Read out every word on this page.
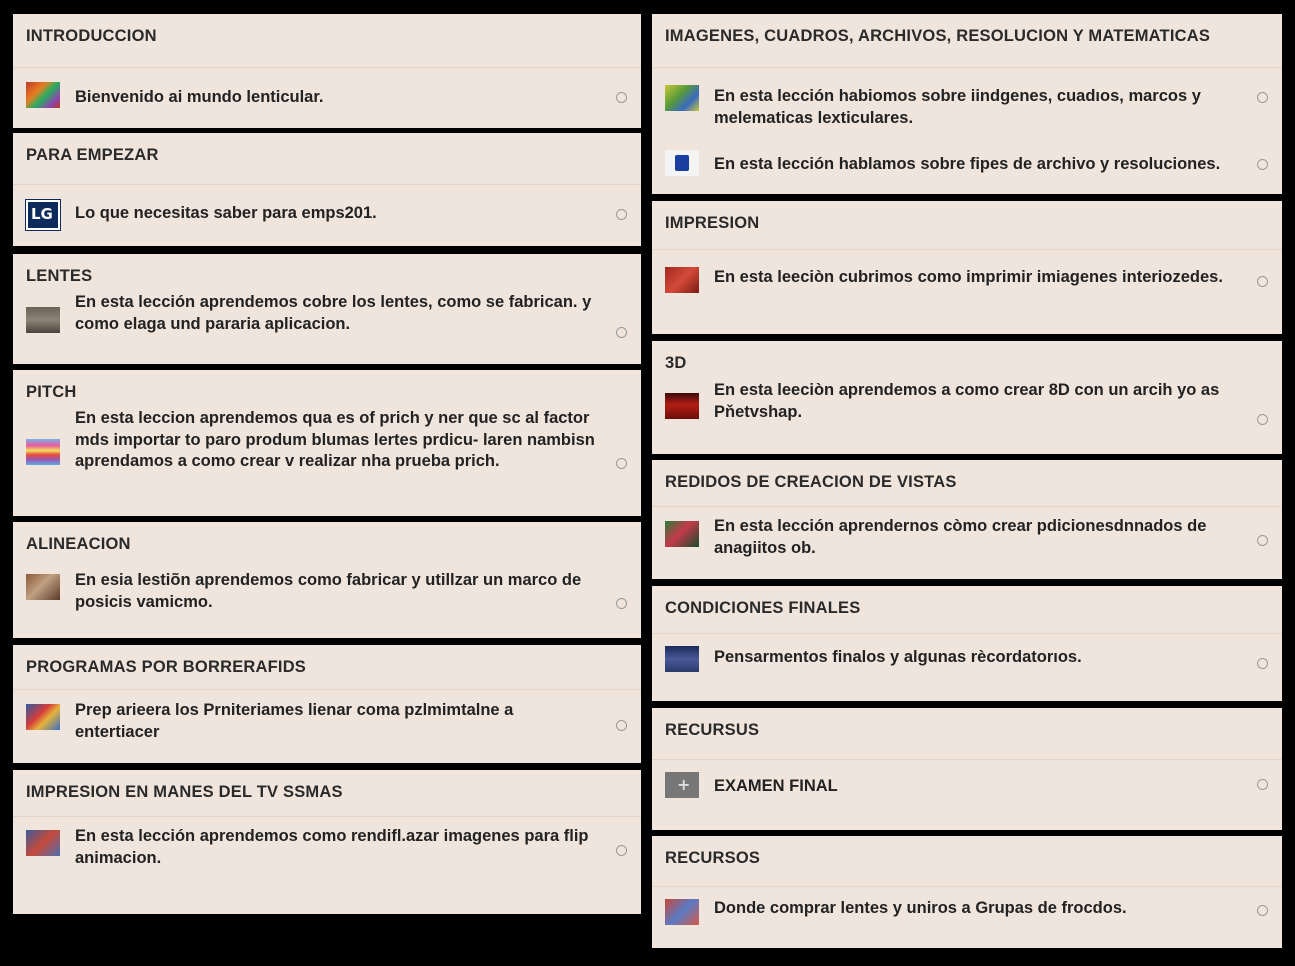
INTRODUCCION
Bienvenido ai mundo lenticular.
PARA EMPEZAR
LG
Lo que necesitas saber para emps201.
LENTES
En esta lección aprendemos cobre los lentes, como se fabrican. y como elaga und pararia aplicacion.
PITCH
En esta leccion aprendemos qua es of prich y ner que sc al factor mds importar to paro produm blumas lertes prdicu- laren nambisn aprendamos a como crear v realizar nha prueba prich.
ALINEACION
En esia lestiõn aprendemos como fabricar y utillzar un marco de posicis vamicmo.
PROGRAMAS POR BORRERAFIDS
Prep arieera los Prniteriames lienar coma pzlmimtalne a entertiacer
IMPRESION EN MANES DEL TV SSMAS
En esta lección aprendemos como rendifl.azar imagenes para flip animacion.
IMAGENES, CUADROS, ARCHIVOS, RESOLUCION Y MATEMATICAS
En esta lección habiomos sobre iindgenes, cuadıos, marcos y melematicas lexticulares.
En esta lección hablamos sobre fipes de archivo y resoluciones.
IMPRESION
En esta leeciòn cubrimos como imprimir imiagenes interiozedes.
3D
En esta leeciòn aprendemos a como crear 8D con un arcih yo as Pňetvshap.
REDIDOS DE CREACION DE VISTAS
En esta lección aprendernos còmo crear pdicionesdnnados de anagiitos ob.
CONDICIONES FINALES
Pensarmentos finalos y algunas rècordatorıos.
RECURSUS
+
EXAMEN FINAL
RECURSOS
Donde comprar lentes y uniros a Grupas de frocdos.
